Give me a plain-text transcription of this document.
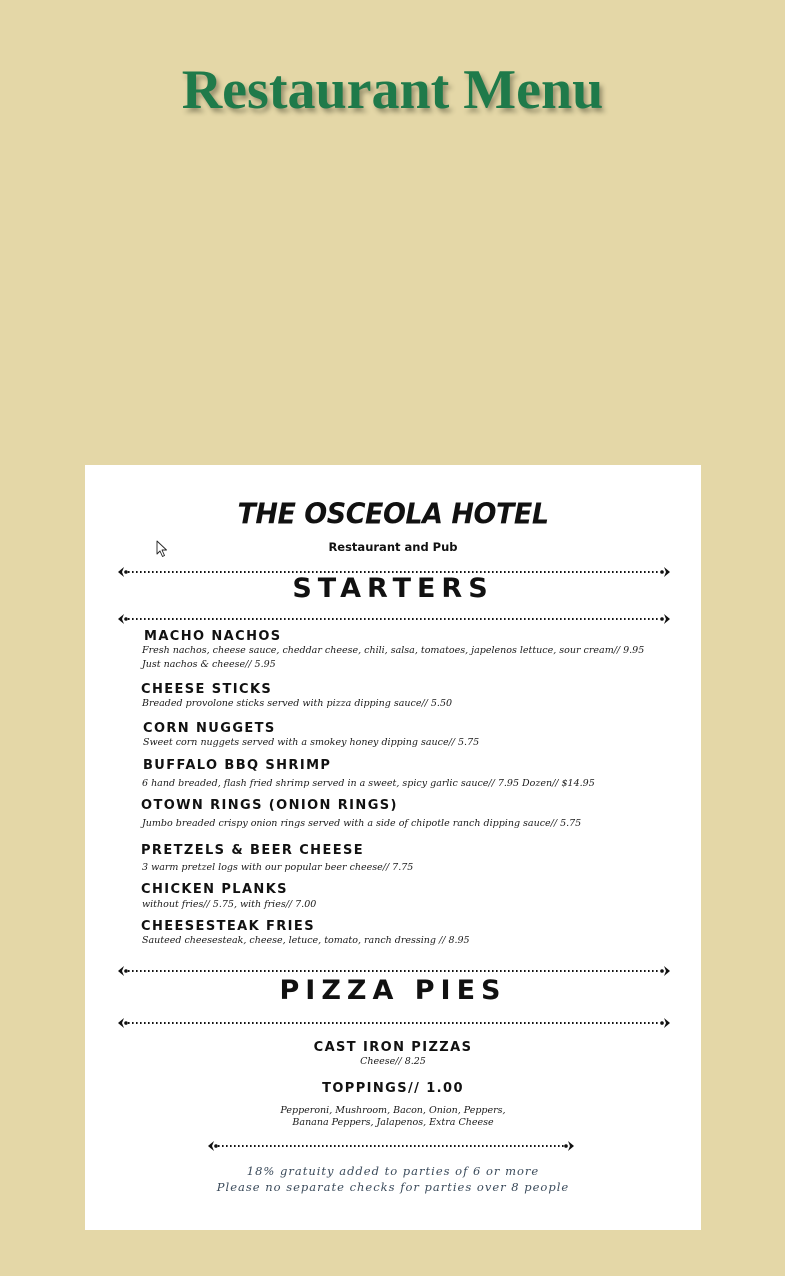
Restaurant Menu
THE OSCEOLA HOTEL
Restaurant and Pub
STARTERS
MACHO NACHOS
Fresh nachos, cheese sauce, cheddar cheese, chili, salsa, tomatoes, japelenos lettuce, sour cream// 9.95
Just nachos & cheese// 5.95
CHEESE STICKS
Breaded provolone sticks served with pizza dipping sauce// 5.50
CORN NUGGETS
Sweet corn nuggets served with a smokey honey dipping sauce// 5.75
BUFFALO BBQ SHRIMP
6 hand breaded, flash fried shrimp served in a sweet, spicy garlic sauce// 7.95 Dozen// $14.95
OTOWN RINGS (ONION RINGS)
Jumbo breaded crispy onion rings served with a side of chipotle ranch dipping sauce// 5.75
PRETZELS & BEER CHEESE
3 warm pretzel logs with our popular beer cheese// 7.75
CHICKEN PLANKS
without fries// 5.75, with fries// 7.00
CHEESESTEAK FRIES
Sauteed cheesesteak, cheese, letuce, tomato, ranch dressing // 8.95
PIZZA PIES
CAST IRON PIZZAS
Cheese// 8.25
TOPPINGS// 1.00
Pepperoni, Mushroom, Bacon, Onion, Peppers,
Banana Peppers, Jalapenos, Extra Cheese
18% gratuity added to parties of 6 or more
Please no separate checks for parties over 8 people
